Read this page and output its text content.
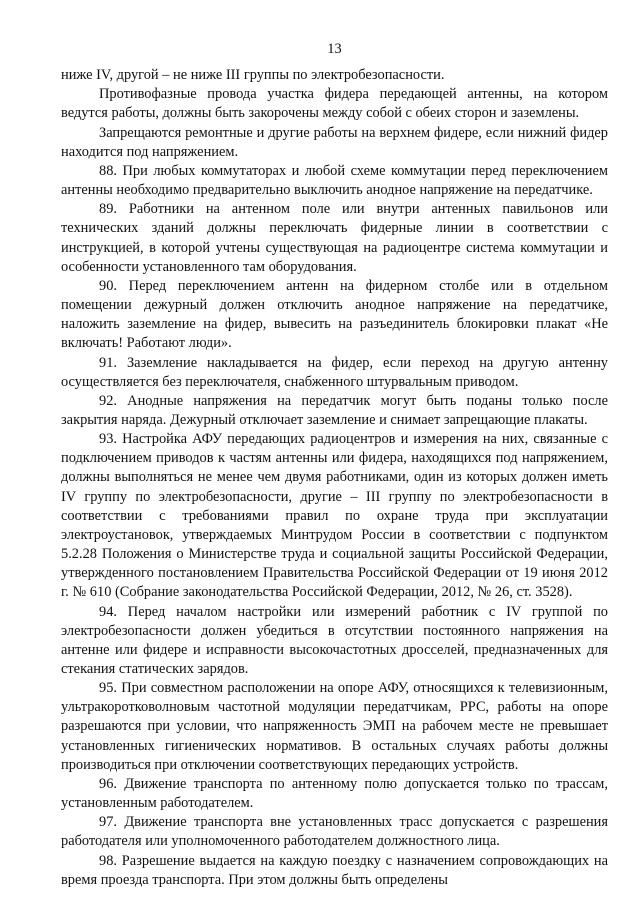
13

ниже IV, другой – не ниже III группы по электробезопасности.

Противофазные провода участка фидера передающей антенны, на котором ведутся работы, должны быть закорочены между собой с обеих сторон и заземлены.

Запрещаются ремонтные и другие работы на верхнем фидере, если нижний фидер находится под напряжением.

88. При любых коммутаторах и любой схеме коммутации перед переключением антенны необходимо предварительно выключить анодное напряжение на передатчике.

89. Работники на антенном поле или внутри антенных павильонов или технических зданий должны переключать фидерные линии в соответствии с инструкцией, в которой учтены существующая на радиоцентре система коммутации и особенности установленного там оборудования.

90. Перед переключением антенн на фидерном столбе или в отдельном помещении дежурный должен отключить анодное напряжение на передатчике, наложить заземление на фидер, вывесить на разъединитель блокировки плакат «Не включать! Работают люди».

91. Заземление накладывается на фидер, если переход на другую антенну осуществляется без переключателя, снабженного штурвальным приводом.

92. Анодные напряжения на передатчик могут быть поданы только после закрытия наряда. Дежурный отключает заземление и снимает запрещающие плакаты.

93. Настройка АФУ передающих радиоцентров и измерения на них, связанные с подключением приводов к частям антенны или фидера, находящихся под напряжением, должны выполняться не менее чем двумя работниками, один из которых должен иметь IV группу по электробезопасности, другие – III группу по электробезопасности в соответствии с требованиями правил по охране труда при эксплуатации электроустановок, утверждаемых Минтрудом России в соответствии с подпунктом 5.2.28 Положения о Министерстве труда и социальной защиты Российской Федерации, утвержденного постановлением Правительства Российской Федерации от 19 июня 2012 г. № 610 (Собрание законодательства Российской Федерации, 2012, № 26, ст. 3528).

94. Перед началом настройки или измерений работник с IV группой по электробезопасности должен убедиться в отсутствии постоянного напряжения на антенне или фидере и исправности высокочастотных дросселей, предназначенных для стекания статических зарядов.

95. При совместном расположении на опоре АФУ, относящихся к телевизионным, ультракоротковолновым частотной модуляции передатчикам, РРС, работы на опоре разрешаются при условии, что напряженность ЭМП на рабочем месте не превышает установленных гигиенических нормативов. В остальных случаях работы должны производиться при отключении соответствующих передающих устройств.

96. Движение транспорта по антенному полю допускается только по трассам, установленным работодателем.

97. Движение транспорта вне установленных трасс допускается с разрешения работодателя или уполномоченного работодателем должностного лица.

98. Разрешение выдается на каждую поездку с назначением сопровождающих на время проезда транспорта. При этом должны быть определены
